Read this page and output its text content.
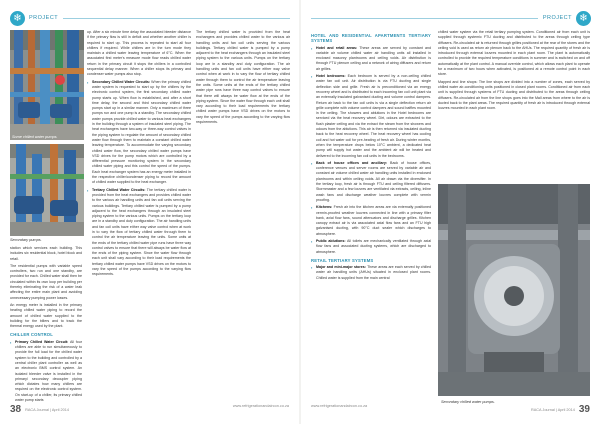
❄	PROJECT
Some chilled water pumps.
Secondary pumps.

station which services each building. This includes six residential block, hotel block and retail.

The residential pumps with variable speed controllers, two run and one standby, are provided for each. Chilled water shall then be circulated within its own loop per building per thereby eliminating the risk of a water leak affecting the entire main plant and avoiding unnecessary pumping power losses.

An energy meter is installed in the primary heating chilled water piping to record the amount of chilled water supplied to the building for the billers and to track the thermal energy used by the plant.

CHILLER CONTROL
▪ Primary Chilled Water Circuit: All four chillers are able to run simultaneously to provide the full load for the chilled water system to the building and controlled by a central chiller plant controller as well as an electronic BMS control system. An isolated bleeder valve is installed in the primary/ secondary decoupler piping which dictates how many chillers are required on the electronic control system. On start-up of a chiller, its primary chilled water pump starts

up. After a six minute time delay the associated bleeder distance if the primary flow is still in deficit and whether another chiller is required to start up. This process is repeated to start all four chillers if required. While chillers are in the turn mode they maintain a chilled water leaving temperature of 6°C. When the associated first meter's measure mode flow reads chilled water return in the primary circuit it stops the chillers in a controlled sequential delay manner. When a chiller stops its primary and condenser water pumps also stop.

▪ Secondary Chilled Water Circuits: When the primary chilled water system is requested to start up by the chillers by the electronic control system, the first secondary chilled water pump starts up. When flow is established, and after a short time delay, the second and third secondary chilled water pumps start up in a similar manner. Only a maximum of three pumps run and one pump is a standby. The secondary chilled water pumps provide chilled water to various heat exchangers in the building through a system of insulated steel piping. The heat exchangers have two-way or three-way control valves in the piping system to regulate the amount of secondary chilled water flow through them to maintain a constant chilled water leaving temperature. To accommodate the varying secondary chilled water flow, the secondary chilled water pumps have VSD drives for the pump motors which are controlled by a differential pressure monitoring system in the secondary chilled water piping and this control the speed of the pumps. Each heat exchanger system has an energy meter installed in the respective chiller/condenser piping to record the amount of chilled water supplied to the heat exchanger.
▪ Tertiary Chilled Water Circuits: The tertiary chilled water is provided from the heat exchangers and provides chilled water to the various air handling units and fan coil units serving the various buildings. Tertiary chilled water is pumped by a pump adjacent to the heat exchangers through an insulated steel piping system to the various units. Pumps on the tertiary loop are in a standby and duty configuration. The air handling units and fan coil units have either way valve control when at work in to vary the flow of tertiary chilled water through them to control the air temperature leaving the units. Some units at the ends of the tertiary chilled water pipe runs have three way control valves to ensure that there will always be water flow at the ends of the piping system. Since the water flow through each unit shall vary according to their load requirements the tertiary chilled water pumps have VSD drives on the motors to vary the speed of the pumps according to the varying flow requirements.

The tertiary chilled water is provided from the heat exchangers and provides chilled water to the various air handling units and fan coil units serving the various buildings. Tertiary chilled water is pumped by a pump adjacent to the heat exchangers through an insulated steel piping system to the various units. Pumps on the tertiary loop are in a standby and duty configuration. The air handling units and fan coil units have either way valve control when at work in to vary the flow of tertiary chilled water through them to control the air temperature leaving the units. Some units at the ends of the tertiary chilled water pipe runs have three way control valves to ensure that there will always be water flow at the ends of the piping system. Since the water flow through each unit shall vary according to their load requirements the tertiary chilled water pumps have VSD drives on the motors to vary the speed of the pumps according to the varying flow requirements.

38 RACA Journal | April 2014
www.refrigerationandaircon.co.za
PROJECT ❄
HOTEL AND RESIDENTIAL APARTMENTS TERTIARY SYSTEMS
▪ Hotel and retail areas: These areas are served by constant and variable air volume chilled water air handling units all installed in enclosed masonry plantrooms and ceiling voids. Air distribution is through FTU plenum ceiling and a network of airing diffusers and return air grilles.
▪ Hotel bedrooms: Each bedroom is served by a non-ceiling chilled water fan coil unit. Air distribution is via FTU ducting and single deflection side and grille. Fresh air is preconditioned via an energy recovery wheel and is distributed to each incoming fan coil unit plant via an externally insulated galvanised ducting and volume control dampers. Return air back to the fan coil units is via a single deflection return air grille complete with volume control dampers and sound baffles mounted in the ceiling. The showers and ablutions in the Hotel bedrooms are serviced via the heat recovery wheel. Dirt, odours are extracted to the flush plaster ceiling and via the extract the steam from the showers and odours from the ablutions. This air is then returned via insulated ducting back to the heat recovery wheel. The heat recovery wheel has cooling coil and hot water coil for pre-heating of fresh air. During winter months, when the temperature drops below 10°C ambient, a dedicated heat pump will supply hot water and the ambient air will be heated and delivered to the incoming fan coil units in the bedrooms.
▪ Back of house offices and ancillary: Back of house offices, conference venues and server rooms are served by variable air and constant air volume chilled water air handling units installed in enclosed plantrooms and within ceiling voids. All air drawn via the diversifier. In the tertiary loop, fresh air is through FTU and ceiling filtered diffusers. Stormmaster and a few louvres are ventilated via extracts, ceiling, inline wash fans and discharge weather louvres complete with vermin proofing.
▪ Kitchens: Fresh air into the kitchen areas are via externally positioned vermin-proofed weather louvres connected in line with a primary filter bank, axial flow fans, sound attenuators and discharge grilles. Kitchen canopy extract air is via associated axial flow fans and an FTU high galvanised ducting, with 90°C duct sealer which discharges to atmosphere.
▪ Public ablutions: All toilets are mechanically ventilated through axial flow fans and associated ducting systems, which are discharged to atmosphere.
RETAIL TERTIARY SYSTEMS
▪ Major and mini-major stores: These areas are each served by chilled water air handling units (AHUs) situated in enclosed plant rooms. Chilled water is supplied from the main central

chilled water system via the retail tertiary pumping system. Conditioned air from each unit is supplied through systemic FTU ducting and distributed to the areas through ceiling type diffusers. Re-circulated air is returned through grilles positioned at the rear of the stores and the ceiling void is used as return air plenum back to the AHUs. The required quantity of fresh air is introduced through external louvres mounted in each plant room. The plant is automatically controlled to provide the required temperature conditions in summer and is switched on and off automatically at the plant control. A manual override control, which allows each plant to operate for a maximum of two hours when activated, is positioned at a remote control point in each store.

Mapped and line shops: The line shops are divided into a number of zones, each served by chilled water air-conditioning units positioned in closed plant rooms. Conditioned air from each unit is supplied through systems of FTU ducting and distributed to the areas through ceiling diffusers. Re-circulated air from the line shops goes into the Mall areas from where to the air is ducted back to the plant areas. The required quantity of fresh air is introduced through external louvres mounted in each plant room.

Secondary chilled water pumps.
www.refrigerationandaircon.co.za
RACA Journal | April 2014 39
